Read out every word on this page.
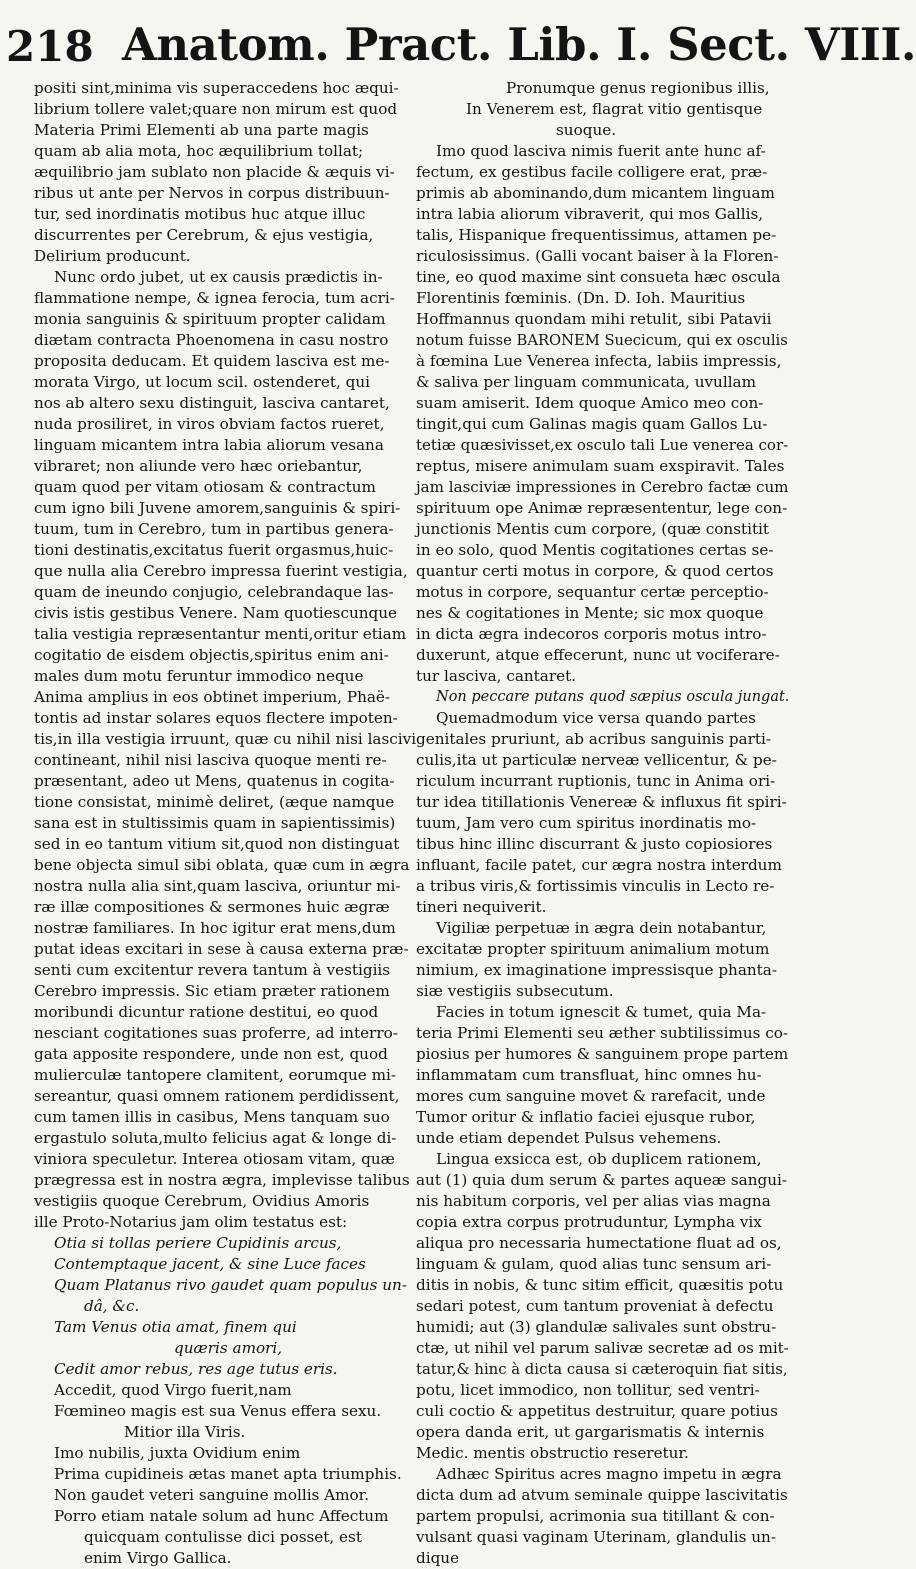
218 Anatom. Pract. Lib. I. Sect. VIII.
positi sint,minima vis superaccedens hoc æqui-
librium tollere valet;quare non mirum est quod
Materia Primi Elementi ab una parte magis
quam ab alia mota, hoc æquilibrium tollat;
æquilibrio jam sublato non placide & æquis vi-
ribus ut ante per Nervos in corpus distribuun-
tur, sed inordinatis motibus huc atque illuc
discurrentes per Cerebrum, & ejus vestigia,
Delirium producunt.
Nunc ordo jubet, ut ex causis prædictis in-
flammatione nempe, & ignea ferocia, tum acri-
monia sanguinis & spirituum propter calidam
diætam contracta Phoenomena in casu nostro
proposita deducam. Et quidem lasciva est me-
morata Virgo, ut locum scil. ostenderet, qui
nos ab altero sexu distinguit, lasciva cantaret,
nuda prosiliret, in viros obviam factos rueret,
linguam micantem intra labia aliorum vesana
vibraret; non aliunde vero hæc oriebantur,
quam quod per vitam otiosam & contractum
cum igno bili Juvene amorem,sanguinis & spiri-
tuum, tum in Cerebro, tum in partibus genera-
tioni destinatis,excitatus fuerit orgasmus,huic-
que nulla alia Cerebro impressa fuerint vestigia,
quam de ineundo conjugio, celebrandaque las-
civis istis gestibus Venere. Nam quotiescunque
talia vestigia repræsentantur menti,oritur etiam
cogitatio de eisdem objectis,spiritus enim ani-
males dum motu feruntur immodico neque
Anima amplius in eos obtinet imperium, Phaë-
tontis ad instar solares equos flectere impoten-
tis,in illa vestigia irruunt, quæ cu nihil nisi lascivi
contineant, nihil nisi lasciva quoque menti re-
præsentant, adeo ut Mens, quatenus in cogita-
tione consistat, minimè deliret, (æque namque
sana est in stultissimis quam in sapientissimis)
sed in eo tantum vitium sit,quod non distinguat
bene objecta simul sibi oblata, quæ cum in ægra
nostra nulla alia sint,quam lasciva, oriuntur mi-
ræ illæ compositiones & sermones huic ægræ
nostræ familiares. In hoc igitur erat mens,dum
putat ideas excitari in sese à causa externa præ-
senti cum excitentur revera tantum à vestigiis
Cerebro impressis. Sic etiam præter rationem
moribundi dicuntur ratione destitui, eo quod
nesciant cogitationes suas proferre, ad interro-
gata apposite respondere, unde non est, quod
mulierculæ tantopere clamitent, eorumque mi-
sereantur, quasi omnem rationem perdidissent,
cum tamen illis in casibus, Mens tanquam suo
ergastulo soluta,multo felicius agat & longe di-
viniora speculetur. Interea otiosam vitam, quæ
prægressa est in nostra ægra, implevisse talibus
vestigiis quoque Cerebrum, Ovidius Amoris
ille Proto-Notarius jam olim testatus est:
Otia si tollas periere Cupidinis arcus,
Contemptaque jacent, & sine Luce faces
Quam Platanus rivo gaudet quam populus un-
dâ, &c.
Tam Venus otia amat, finem qui
quæris amori,
Cedit amor rebus, res age tutus eris.
Accedit, quod Virgo fuerit,nam
Fœmineo magis est sua Venus effera sexu.
Mitior illa Viris.
Imo nubilis, juxta Ovidium enim
Prima cupidineis ætas manet apta triumphis.
Non gaudet veteri sanguine mollis Amor.
Porro etiam natale solum ad hunc Affectum
quicquam contulisse dici posset, est
enim Virgo Gallica.
Pronumque genus regionibus illis,
In Venerem est, flagrat vitio gentisque
suoque.
Imo quod lasciva nimis fuerit ante hunc af-
fectum, ex gestibus facile colligere erat, præ-
primis ab abominando,dum micantem linguam
intra labia aliorum vibraverit, qui mos Gallis,
talis, Hispanique frequentissimus, attamen pe-
riculosissimus. (Galli vocant baiser à la Floren-
tine, eo quod maxime sint consueta hæc oscula
Florentinis fœminis. (Dn. D. Ioh. Mauritius
Hoffmannus quondam mihi retulit, sibi Patavii
notum fuisse BARONEM Suecicum, qui ex osculis
à fœmina Lue Venerea infecta, labiis impressis,
& saliva per linguam communicata, uvullam
suam amiserit. Idem quoque Amico meo con-
tingit,qui cum Galinas magis quam Gallos Lu-
tetiæ quæsivisset,ex osculo tali Lue venerea cor-
reptus, misere animulam suam exspiravit. Tales
jam lasciviæ impressiones in Cerebro factæ cum
spirituum ope Animæ repræsententur, lege con-
junctionis Mentis cum corpore, (quæ constitit
in eo solo, quod Mentis cogitationes certas se-
quantur certi motus in corpore, & quod certos
motus in corpore, sequantur certæ perceptio-
nes & cogitationes in Mente; sic mox quoque
in dicta ægra indecoros corporis motus intro-
duxerunt, atque effecerunt, nunc ut vociferare-
tur lasciva, cantaret.
Non peccare putans quod sæpius oscula jungat.
Quemadmodum vice versa quando partes
genitales pruriunt, ab acribus sanguinis parti-
culis,ita ut particulæ nerveæ vellicentur, & pe-
riculum incurrant ruptionis, tunc in Anima ori-
tur idea titillationis Venereæ & influxus fit spiri-
tuum, Jam vero cum spiritus inordinatis mo-
tibus hinc illinc discurrant & justo copiosiores
influant, facile patet, cur ægra nostra interdum
a tribus viris,& fortissimis vinculis in Lecto re-
tineri nequiverit.
Vigiliæ perpetuæ in ægra dein notabantur,
excitatæ propter spirituum animalium motum
nimium, ex imaginatione impressisque phanta-
siæ vestigiis subsecutum.
Facies in totum ignescit & tumet, quia Ma-
teria Primi Elementi seu æther subtilissimus co-
piosius per humores & sanguinem prope partem
inflammatam cum transfluat, hinc omnes hu-
mores cum sanguine movet & rarefacit, unde
Tumor oritur & inflatio faciei ejusque rubor,
unde etiam dependet Pulsus vehemens.
Lingua exsicca est, ob duplicem rationem,
aut (1) quia dum serum & partes aqueæ sangui-
nis habitum corporis, vel per alias vias magna
copia extra corpus protruduntur, Lympha vix
aliqua pro necessaria humectatione fluat ad os,
linguam & gulam, quod alias tunc sensum ari-
ditis in nobis, & tunc sitim efficit, quæsitis potu
sedari potest, cum tantum proveniat à defectu
humidi; aut (3) glandulæ salivales sunt obstru-
ctæ, ut nihil vel parum salivæ secretæ ad os mit-
tatur,& hinc à dicta causa si cæteroquin fiat sitis,
potu, licet immodico, non tollitur, sed ventri-
culi coctio & appetitus destruitur, quare potius
opera danda erit, ut gargarismatis & internis
Medic. mentis obstructio reseretur.
Adhæc Spiritus acres magno impetu in ægra
dicta dum ad atvum seminale quippe lascivitatis
partem propulsi, acrimonia sua titillant & con-
vulsant quasi vaginam Uterinam, glandulis un-
dique
